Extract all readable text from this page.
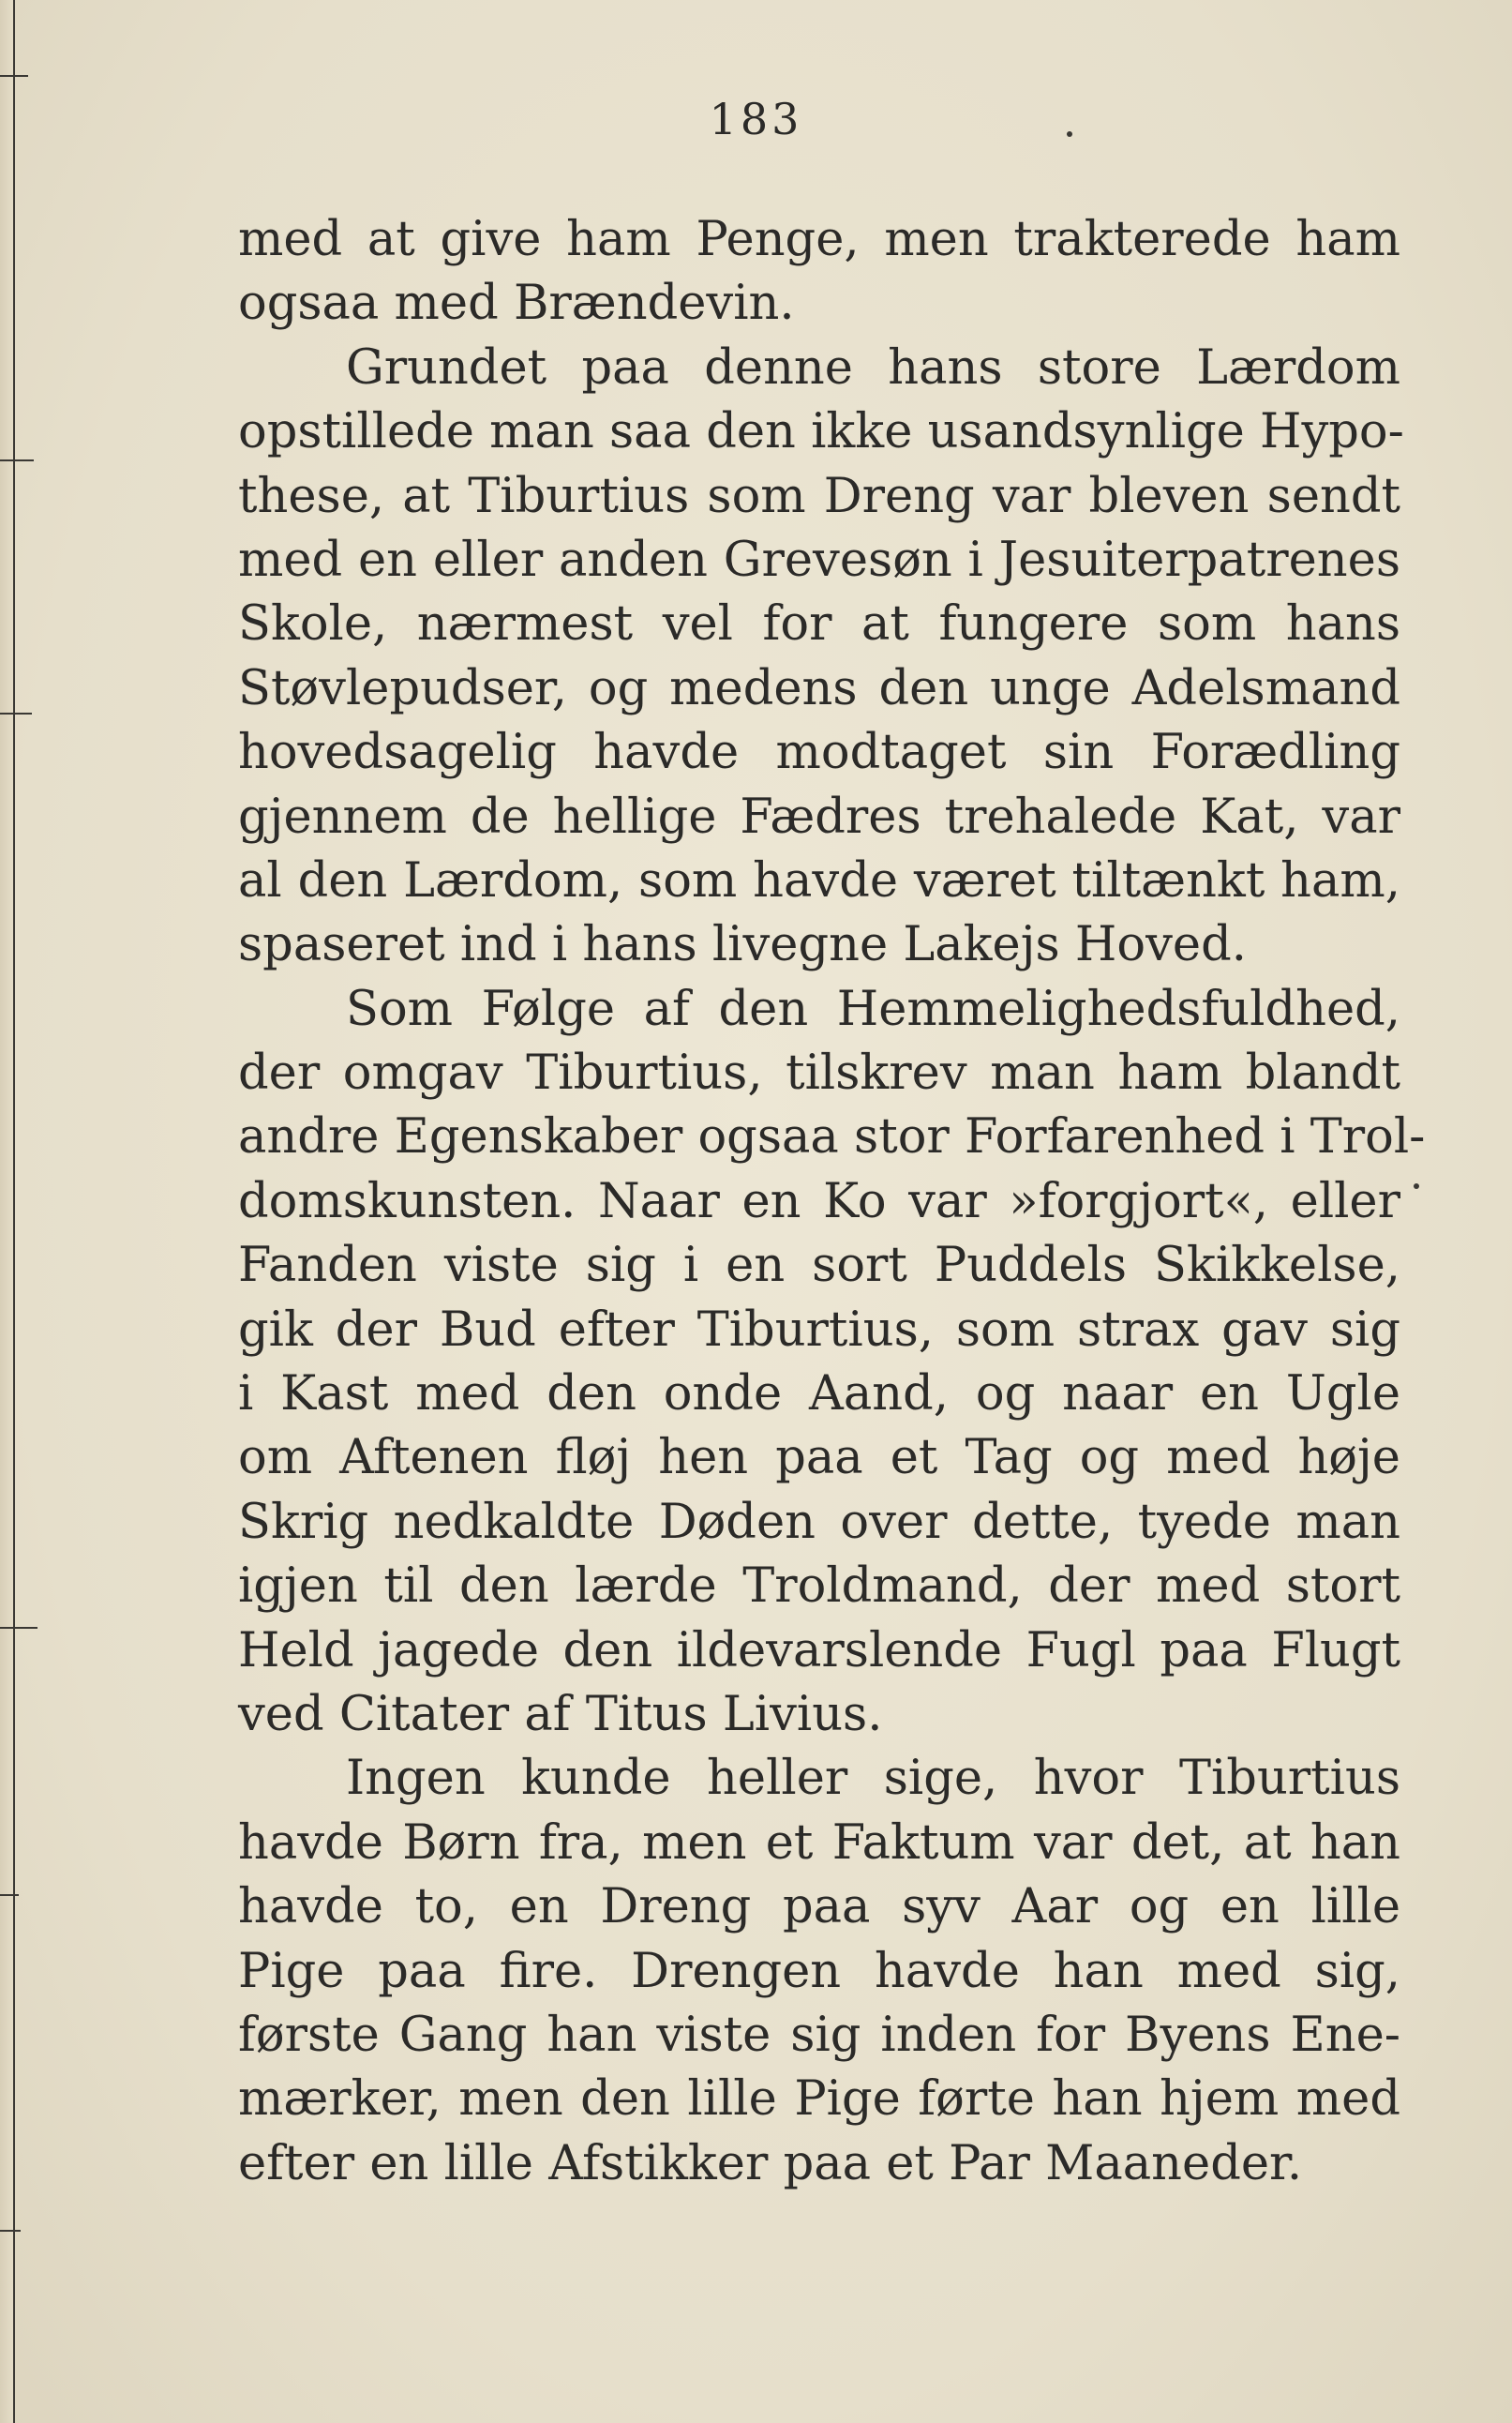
183
med at give ham Penge, men trakterede ham
ogsaa med Brændevin.
Grundet paa denne hans store Lærdom
opstillede man saa den ikke usandsynlige Hypo-
these, at Tiburtius som Dreng var bleven sendt
med en eller anden Grevesøn i Jesuiterpatrenes
Skole, nærmest vel for at fungere som hans
Støvlepudser, og medens den unge Adelsmand
hovedsagelig havde modtaget sin Forædling
gjennem de hellige Fædres trehalede Kat, var
al den Lærdom, som havde været tiltænkt ham,
spaseret ind i hans livegne Lakejs Hoved.
Som Følge af den Hemmelighedsfuldhed,
der omgav Tiburtius, tilskrev man ham blandt
andre Egenskaber ogsaa stor Forfarenhed i Trol-
domskunsten. Naar en Ko var »forgjort«, eller
Fanden viste sig i en sort Puddels Skikkelse,
gik der Bud efter Tiburtius, som strax gav sig
i Kast med den onde Aand, og naar en Ugle
om Aftenen fløj hen paa et Tag og med høje
Skrig nedkaldte Døden over dette, tyede man
igjen til den lærde Troldmand, der med stort
Held jagede den ildevarslende Fugl paa Flugt
ved Citater af Titus Livius.
Ingen kunde heller sige, hvor Tiburtius
havde Børn fra, men et Faktum var det, at han
havde to, en Dreng paa syv Aar og en lille
Pige paa fire. Drengen havde han med sig,
første Gang han viste sig inden for Byens Ene-
mærker, men den lille Pige førte han hjem med
efter en lille Afstikker paa et Par Maaneder.
